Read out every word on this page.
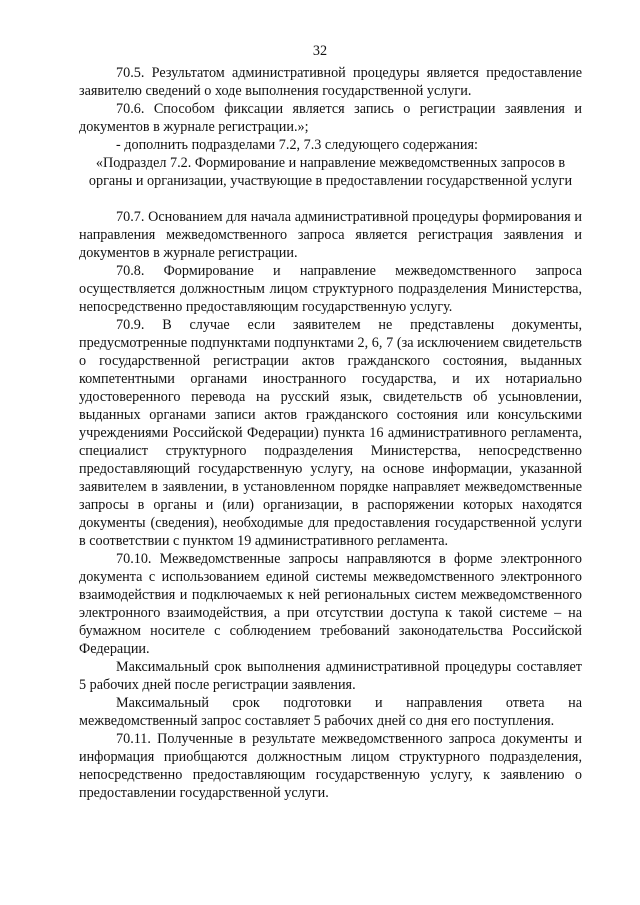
32

70.5. Результатом административной процедуры является предоставление заявителю сведений о ходе выполнения государственной услуги.

70.6. Способом фиксации является запись о регистрации заявления и документов в журнале регистрации.»;

- дополнить подразделами 7.2, 7.3 следующего содержания:

«Подраздел 7.2. Формирование и направление межведомственных запросов в органы и организации, участвующие в предоставлении государственной услуги

70.7. Основанием для начала административной процедуры формирования и направления межведомственного запроса является регистрация заявления и документов в журнале регистрации.

70.8. Формирование и направление межведомственного запроса осуществляется должностным лицом структурного подразделения Министерства, непосредственно предоставляющим государственную услугу.

70.9. В случае если заявителем не представлены документы, предусмотренные подпунктами подпунктами 2, 6, 7 (за исключением свидетельств о государственной регистрации актов гражданского состояния, выданных компетентными органами иностранного государства, и их нотариально удостоверенного перевода на русский язык, свидетельств об усыновлении, выданных органами записи актов гражданского состояния или консульскими учреждениями Российской Федерации) пункта 16 административного регламента, специалист структурного подразделения Министерства, непосредственно предоставляющий государственную услугу, на основе информации, указанной заявителем в заявлении, в установленном порядке направляет межведомственные запросы в органы и (или) организации, в распоряжении которых находятся документы (сведения), необходимые для предоставления государственной услуги в соответствии с пунктом 19 административного регламента.

70.10. Межведомственные запросы направляются в форме электронного документа с использованием единой системы межведомственного электронного взаимодействия и подключаемых к ней региональных систем межведомственного электронного взаимодействия, а при отсутствии доступа к такой системе – на бумажном носителе с соблюдением требований законодательства Российской Федерации.

Максимальный срок выполнения административной процедуры составляет 5 рабочих дней после регистрации заявления.

Максимальный срок подготовки и направления ответа на межведомственный запрос составляет 5 рабочих дней со дня его поступления.

70.11. Полученные в результате межведомственного запроса документы и информация приобщаются должностным лицом структурного подразделения, непосредственно предоставляющим государственную услугу, к заявлению о предоставлении государственной услуги.
